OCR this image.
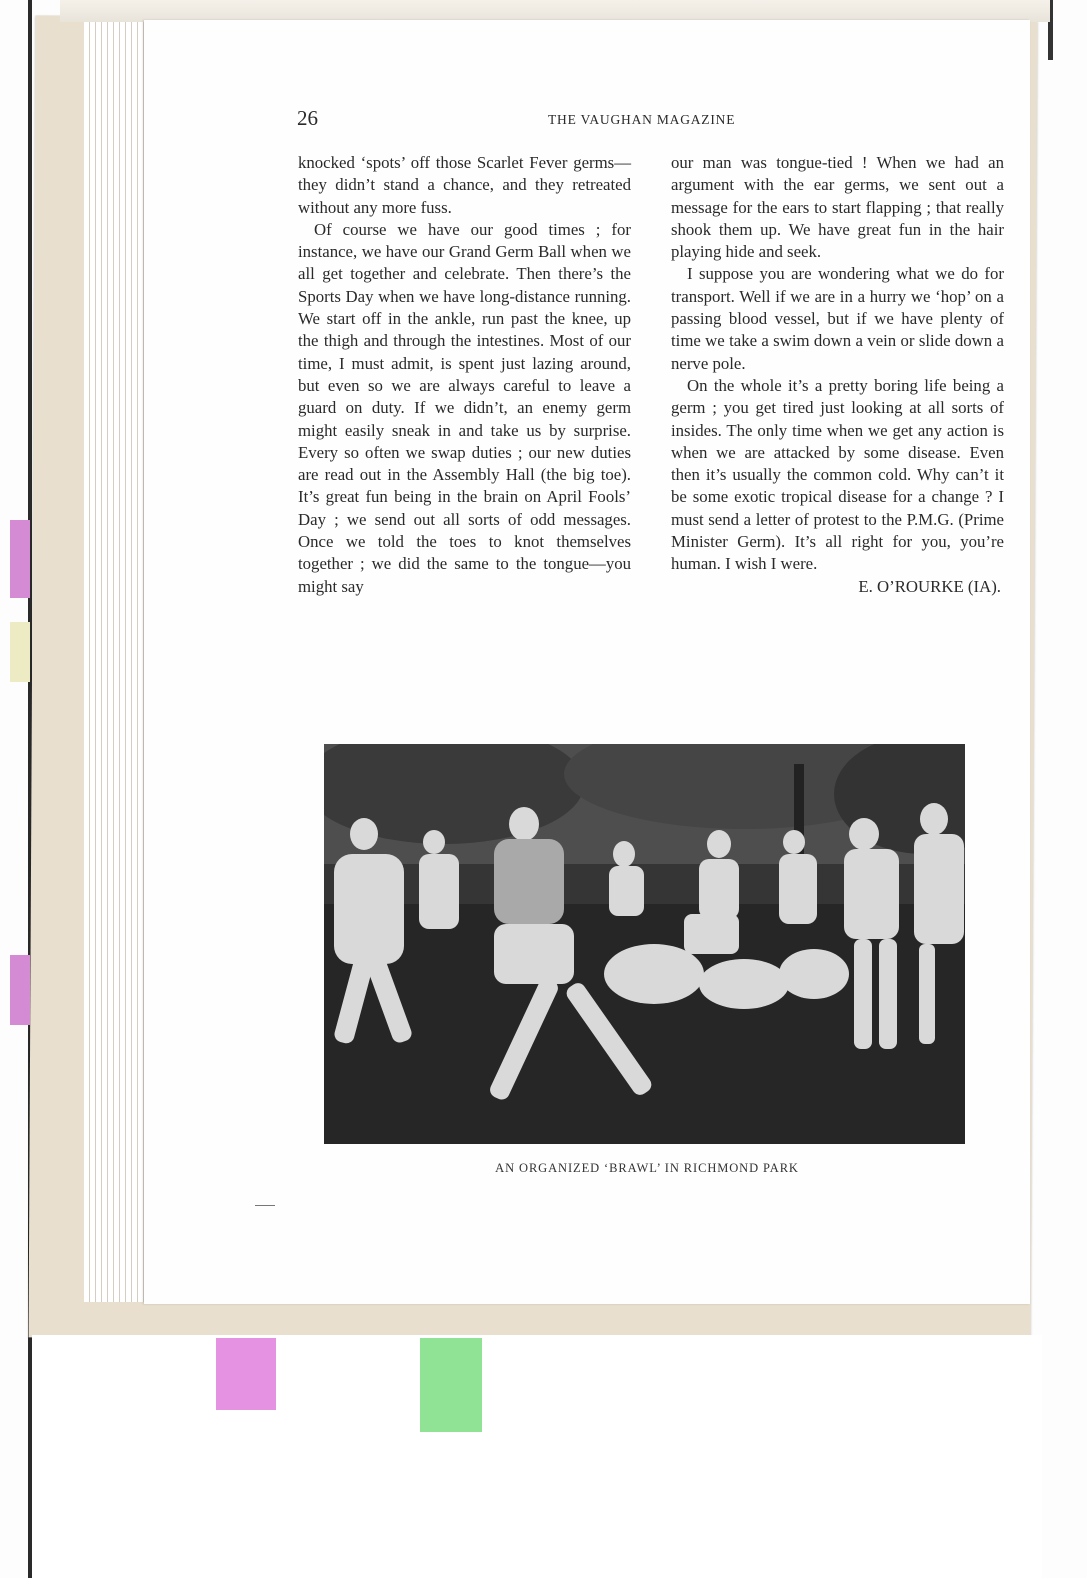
26	THE VAUGHAN MAGAZINE

knocked ‘spots’ off those Scarlet Fever germs—they didn’t stand a chance, and they retreated without any more fuss.

Of course we have our good times ; for instance, we have our Grand Germ Ball when we all get together and celebrate. Then there’s the Sports Day when we have long-distance running. We start off in the ankle, run past the knee, up the thigh and through the intestines. Most of our time, I must admit, is spent just lazing around, but even so we are always careful to leave a guard on duty. If we didn’t, an enemy germ might easily sneak in and take us by surprise. Every so often we swap duties ; our new duties are read out in the Assembly Hall (the big toe). It’s great fun being in the brain on April Fools’ Day ; we send out all sorts of odd messages. Once we told the toes to knot themselves together ; we did the same to the tongue—you might say

our man was tongue-tied ! When we had an argument with the ear germs, we sent out a message for the ears to start flapping ; that really shook them up. We have great fun in the hair playing hide and seek.

I suppose you are wondering what we do for transport. Well if we are in a hurry we ‘hop’ on a passing blood vessel, but if we have plenty of time we take a swim down a vein or slide down a nerve pole.

On the whole it’s a pretty boring life being a germ ; you get tired just looking at all sorts of insides. The only time when we get any action is when we are attacked by some disease. Even then it’s usually the common cold. Why can’t it be some exotic tropical disease for a change ? I must send a letter of protest to the P.M.G. (Prime Minister Germ). It’s all right for you, you’re human. I wish I were.

E. O’ROURKE (IA).
AN ORGANIZED ‘BRAWL’ IN RICHMOND PARK
